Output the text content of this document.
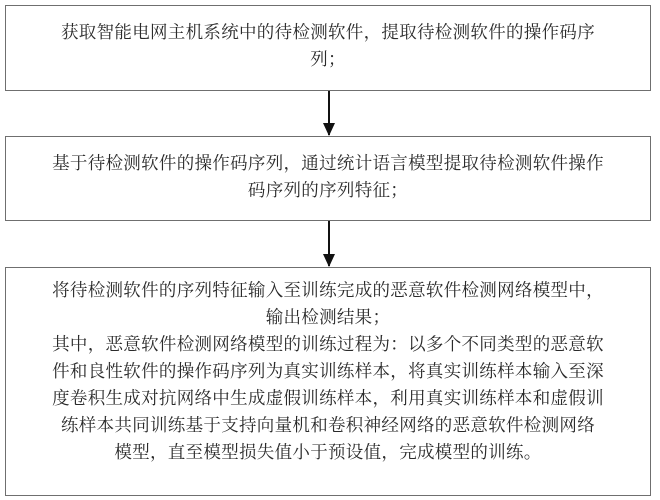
获取智能电网主机系统中的待检测软件，提取待检测软件的操作码序
列；
基于待检测软件的操作码序列，通过统计语言模型提取待检测软件操作
码序列的序列特征；
将待检测软件的序列特征输入至训练完成的恶意软件检测网络模型中，
输出检测结果；
其中，恶意软件检测网络模型的训练过程为：以多个不同类型的恶意软
件和良性软件的操作码序列为真实训练样本，将真实训练样本输入至深
度卷积生成对抗网络中生成虚假训练样本，利用真实训练样本和虚假训
练样本共同训练基于支持向量机和卷积神经网络的恶意软件检测网络
模型，直至模型损失值小于预设值，完成模型的训练。
